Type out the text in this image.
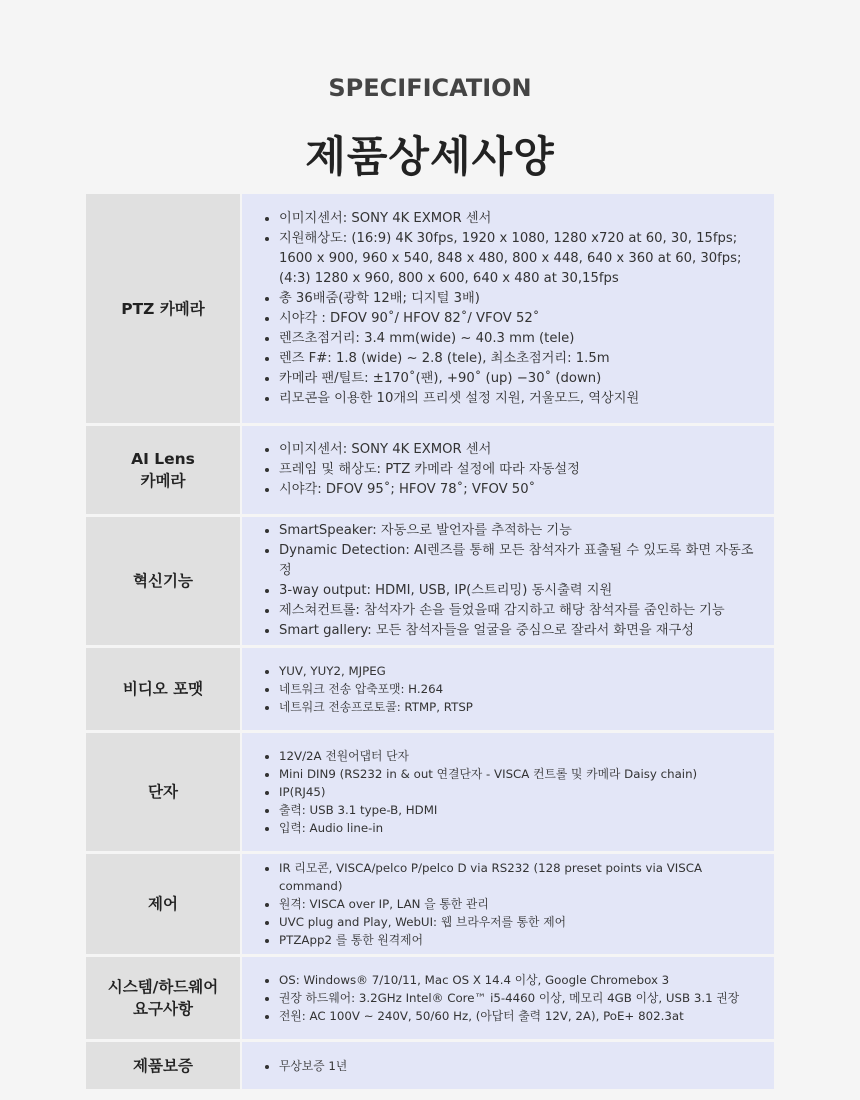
SPECIFICATION
제품상세사양
PTZ 카메라
• 이미지센서: SONY 4K EXMOR 센서
• 지원해상도: (16:9) 4K 30fps, 1920 x 1080, 1280 x720 at 60, 30, 15fps; 1600 x 900, 960 x 540, 848 x 480, 800 x 448, 640 x 360 at 60, 30fps; (4:3) 1280 x 960, 800 x 600, 640 x 480 at 30,15fps
• 총 36배줌(광학 12배; 디지털 3배)
• 시야각 : DFOV 90˚/ HFOV 82˚/ VFOV 52˚
• 렌즈초점거리: 3.4 mm(wide) ~ 40.3 mm (tele)
• 렌즈 F#: 1.8 (wide) ~ 2.8 (tele), 최소초점거리: 1.5m
• 카메라 팬/틸트: ±170˚(팬), +90˚ (up) −30˚ (down)
• 리모콘을 이용한 10개의 프리셋 설정 지원, 거울모드, 역상지원
AI Lens
카메라
• 이미지센서: SONY 4K EXMOR 센서
• 프레임 및 해상도: PTZ 카메라 설정에 따라 자동설정
• 시야각: DFOV 95˚; HFOV 78˚; VFOV 50˚
혁신기능
• SmartSpeaker: 자동으로 발언자를 추적하는 기능
• Dynamic Detection: AI렌즈를 통해 모든 참석자가 표출될 수 있도록 화면 자동조정
• 3-way output: HDMI, USB, IP(스트리밍) 동시출력 지원
• 제스쳐컨트롤: 참석자가 손을 들었을때 감지하고 해당 참석자를 줌인하는 기능
• Smart gallery: 모든 참석자들을 얼굴을 중심으로 잘라서 화면을 재구성
비디오 포맷
• YUV, YUY2, MJPEG
• 네트워크 전송 압축포맷: H.264
• 네트워크 전송프로토콜: RTMP, RTSP
단자
• 12V/2A 전원어댑터 단자
• Mini DIN9 (RS232 in & out 연결단자 - VISCA 컨트롤 및 카메라 Daisy chain)
• IP(RJ45)
• 출력: USB 3.1 type-B, HDMI
• 입력: Audio line-in
제어
• IR 리모콘, VISCA/pelco P/pelco D via RS232 (128 preset points via VISCA command)
• 원격: VISCA over IP, LAN 을 통한 관리
• UVC plug and Play, WebUI: 웹 브라우저를 통한 제어
• PTZApp2 를 통한 원격제어
시스템/하드웨어
요구사항
• OS: Windows® 7/10/11, Mac OS X 14.4 이상, Google Chromebox 3
• 권장 하드웨어: 3.2GHz Intel® Core™ i5-4460 이상, 메모리 4GB 이상, USB 3.1 권장
• 전원: AC 100V ~ 240V, 50/60 Hz, (아답터 출력 12V, 2A), PoE+ 802.3at
제품보증
•	무상보증 1년
